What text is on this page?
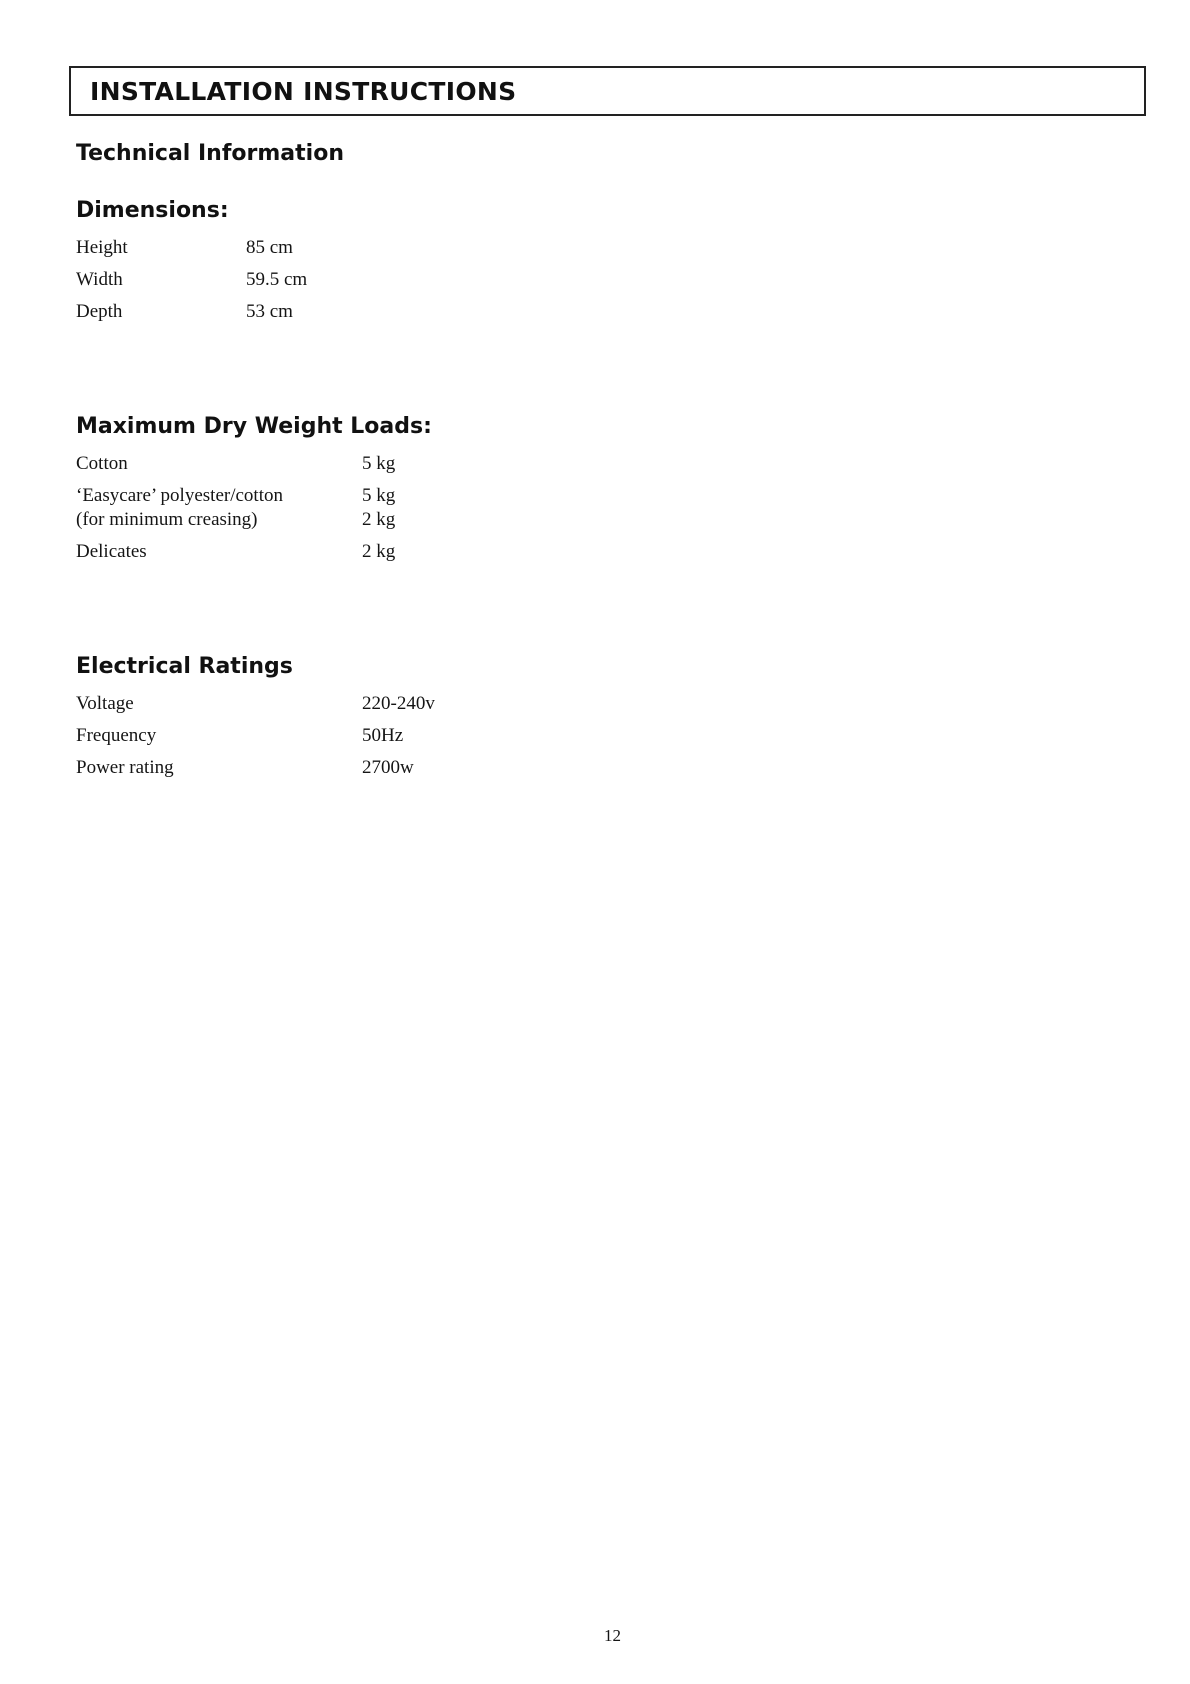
INSTALLATION INSTRUCTIONS
Technical Information
Dimensions:
Height	85 cm
Width	59.5 cm
Depth	53 cm
Maximum Dry Weight Loads:
Cotton	5 kg
‘Easycare’ polyester/cotton	5 kg
(for minimum creasing)	2 kg
Delicates	2 kg
Electrical Ratings
Voltage	220-240v
Frequency	50Hz
Power rating	2700w
12
